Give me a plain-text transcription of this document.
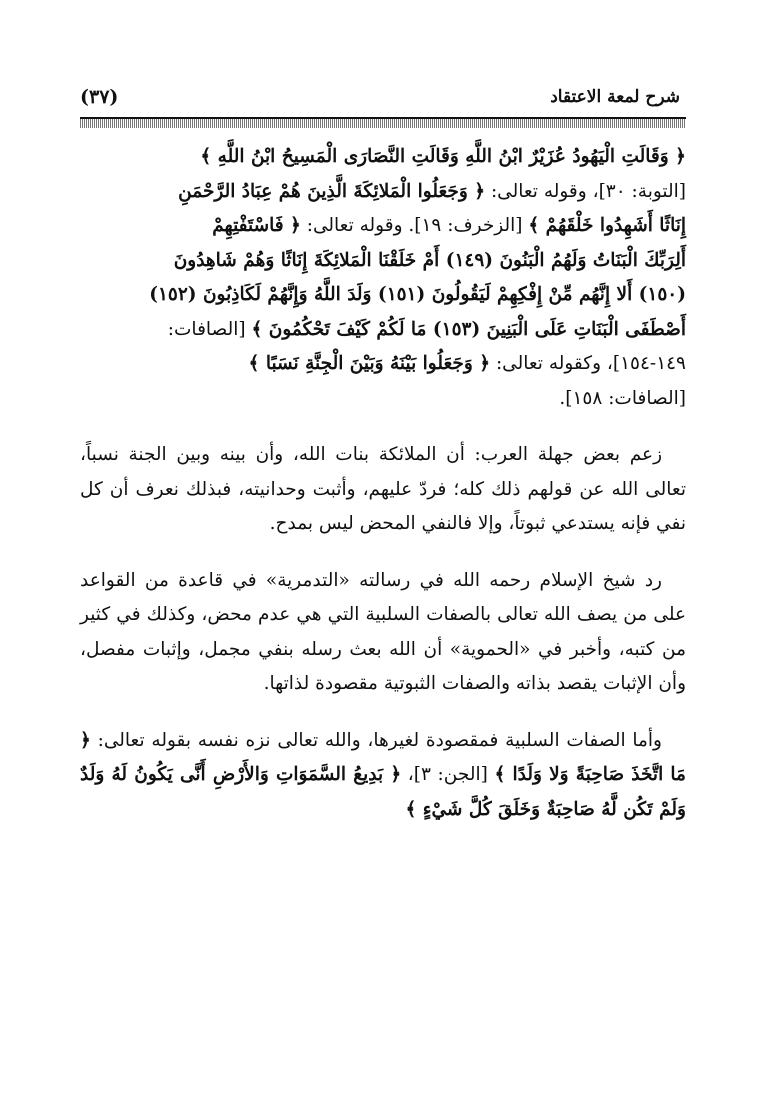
(٣٧)	شرح لمعة الاعتقاد

﴿ وَقَالَتِ الْيَهُودُ عُزَيْرٌ ابْنُ اللَّهِ وَقَالَتِ النَّصَارَى الْمَسِيحُ ابْنُ اللَّهِ ﴾

[التوبة: ٣٠]، وقوله تعالى: ﴿ وَجَعَلُوا الْمَلائِكَةَ الَّذِينَ هُمْ عِبَادُ الرَّحْمَنِ

إِنَاثًا أَشَهِدُوا خَلْقَهُمْ ﴾ [الزخرف: ١٩]. وقوله تعالى: ﴿ فَاسْتَفْتِهِمْ

أَلِرَبِّكَ الْبَنَاتُ وَلَهُمُ الْبَنُونَ (١٤٩) أَمْ خَلَقْنَا الْمَلائِكَةَ إِنَاثًا وَهُمْ شَاهِدُونَ

(١٥٠) أَلا إِنَّهُم مِّنْ إِفْكِهِمْ لَيَقُولُونَ (١٥١) وَلَدَ اللَّهُ وَإِنَّهُمْ لَكَاذِبُونَ (١٥٢)

أَصْطَفَى الْبَنَاتِ عَلَى الْبَنِينَ (١٥٣) مَا لَكُمْ كَيْفَ تَحْكُمُونَ ﴾ [الصافات:

١٤٩-١٥٤]، وكقوله تعالى: ﴿ وَجَعَلُوا بَيْنَهُ وَبَيْنَ الْجِنَّةِ نَسَبًا ﴾

[الصافات: ١٥٨].

زعم بعض جهلة العرب: أن الملائكة بنات الله، وأن بينه وبين الجنة نسباً، تعالى الله عن قولهم ذلك كله؛ فردّ عليهم، وأثبت وحدانيته، فبذلك نعرف أن كل نفي فإنه يستدعي ثبوتاً، وإلا فالنفي المحض ليس بمدح.

رد شيخ الإسلام رحمه الله في رسالته «التدمرية» في قاعدة من القواعد على من يصف الله تعالى بالصفات السلبية التي هي عدم محض، وكذلك في كثير من كتبه، وأخبر في «الحموية» أن الله بعث رسله بنفي مجمل، وإثبات مفصل، وأن الإثبات يقصد بذاته والصفات الثبوتية مقصودة لذاتها.

وأما الصفات السلبية فمقصودة لغيرها، والله تعالى نزه نفسه بقوله تعالى: ﴿ مَا اتَّخَذَ صَاحِبَةً وَلا وَلَدًا ﴾ [الجن: ٣]، ﴿ بَدِيعُ السَّمَوَاتِ وَالأَرْضِ أَنَّى يَكُونُ لَهُ وَلَدٌ وَلَمْ تَكُن لَّهُ صَاحِبَةٌ وَخَلَقَ كُلَّ شَيْءٍ ﴾
